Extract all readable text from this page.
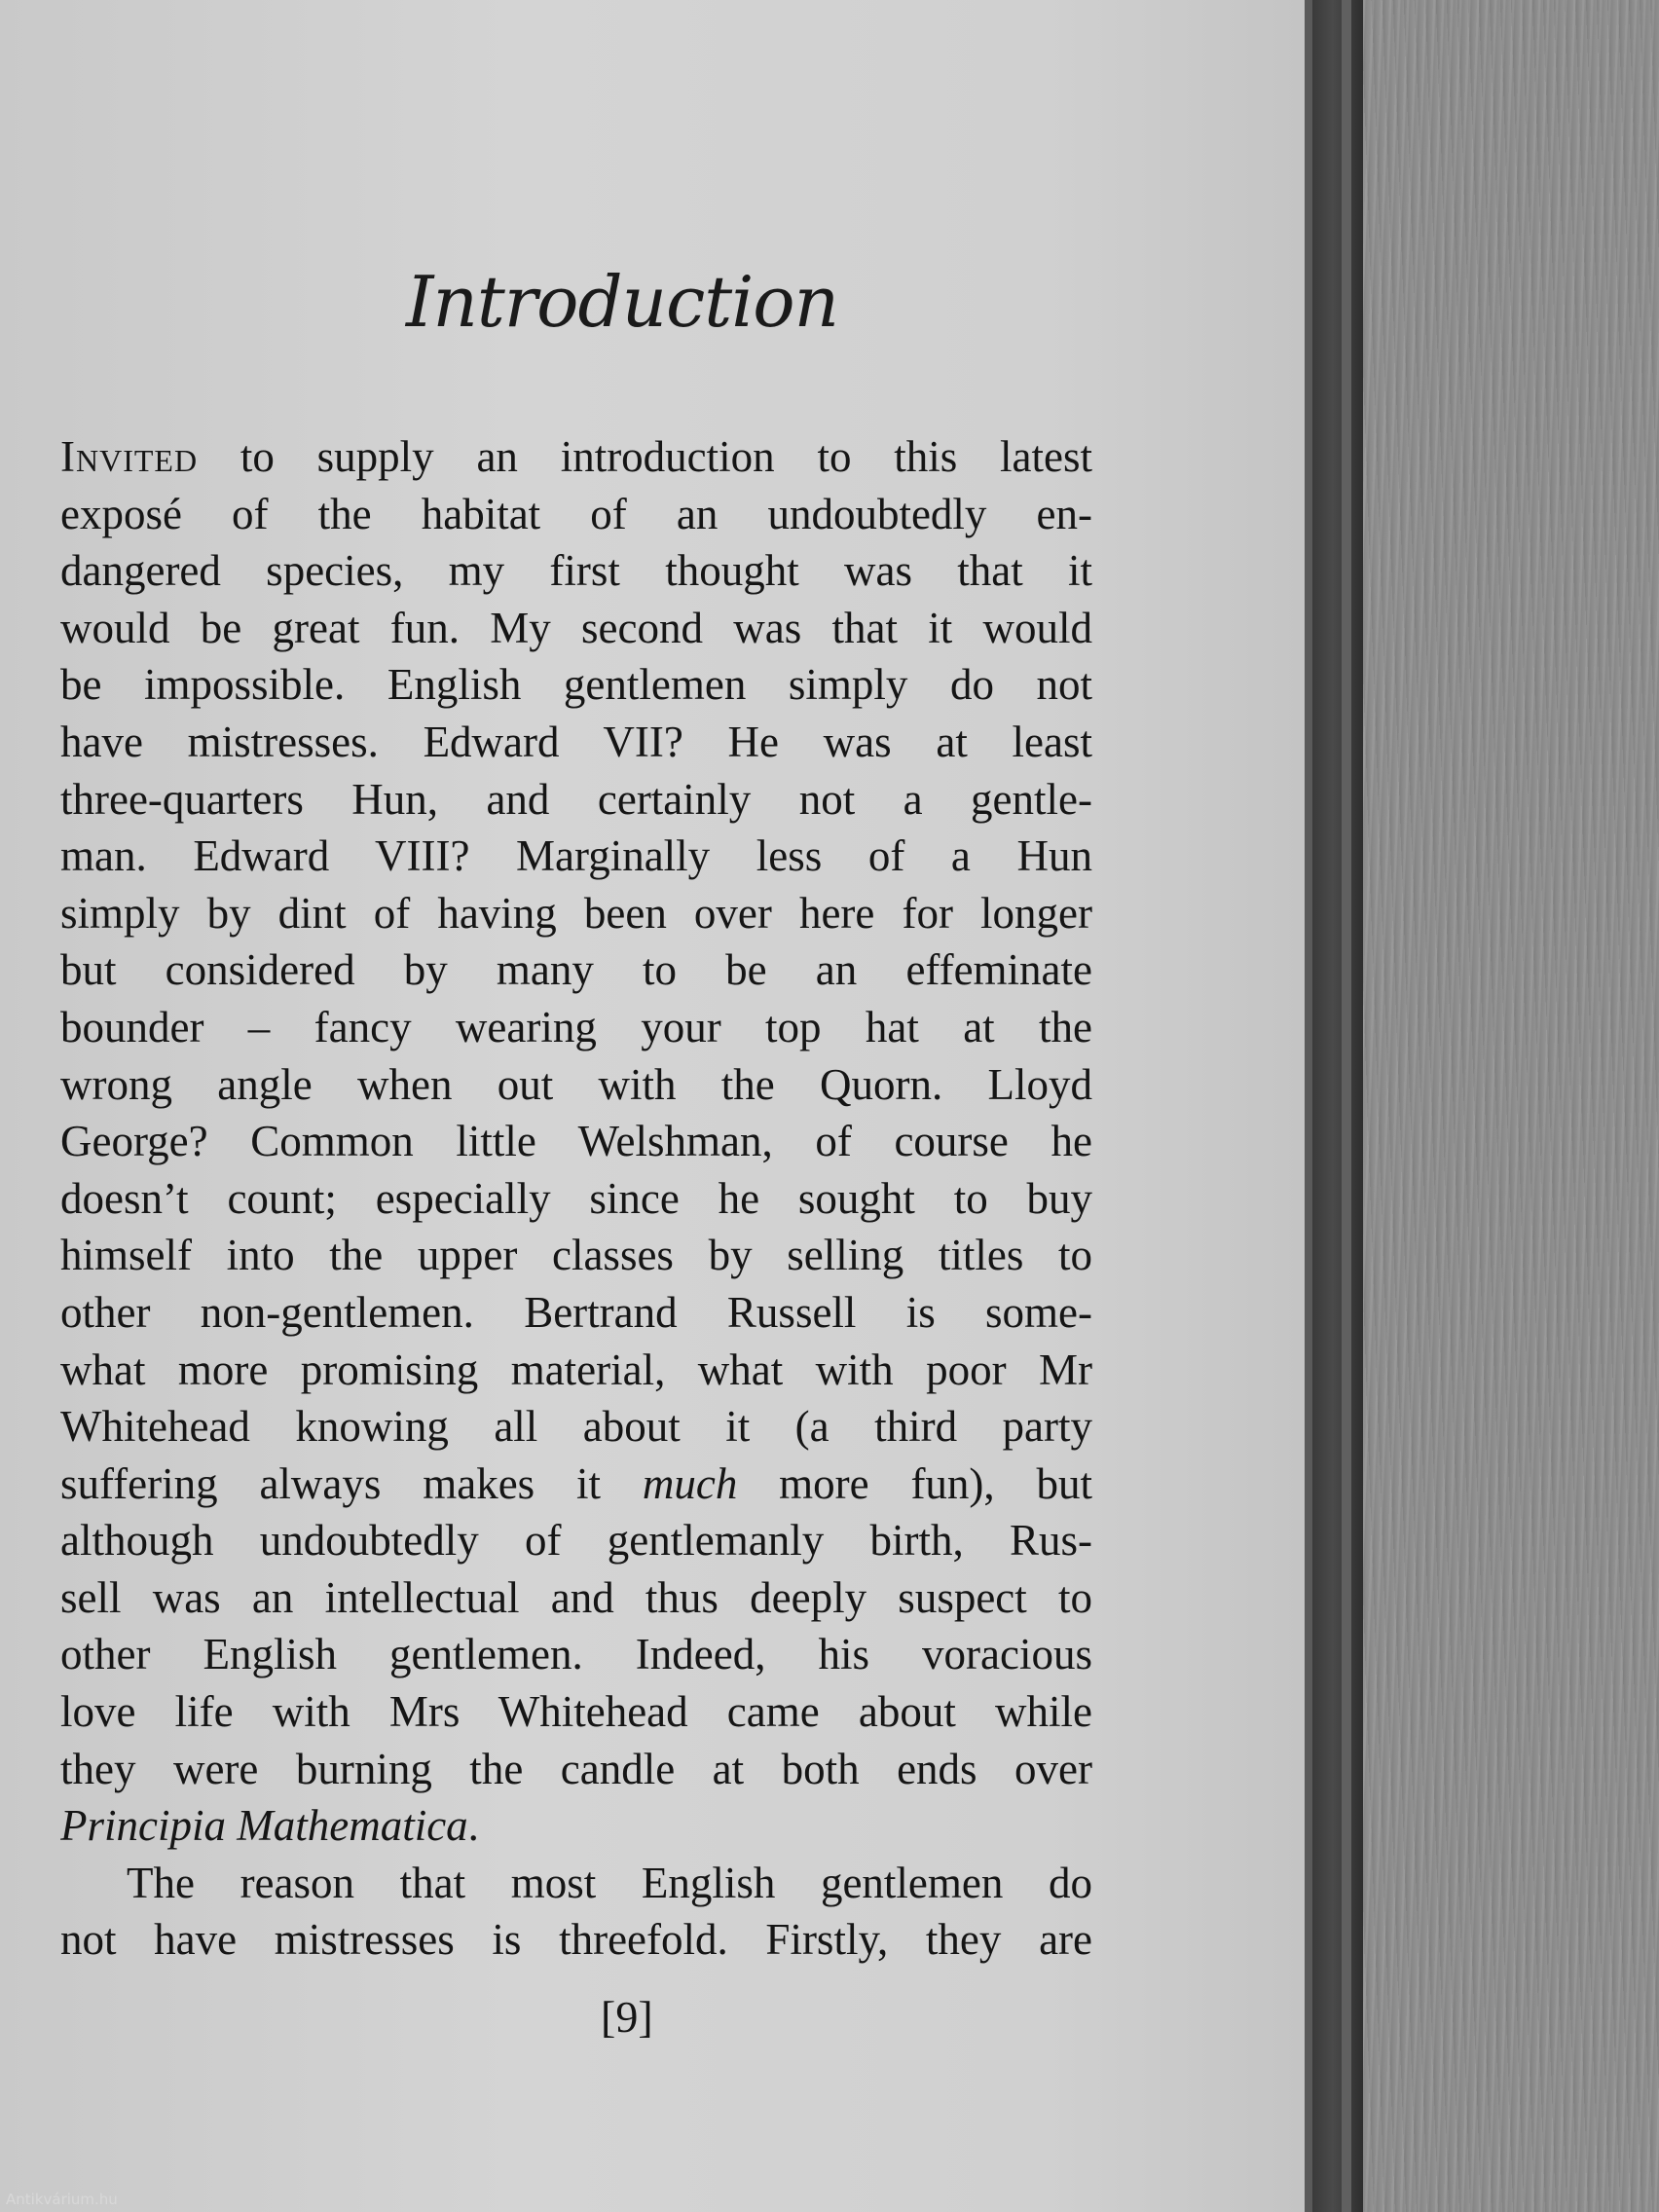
Introduction
Invited to supply an introduction to this latest
exposé of the habitat of an undoubtedly en-
dangered species, my first thought was that it
would be great fun. My second was that it would
be impossible. English gentlemen simply do not
have mistresses. Edward VII? He was at least
three-quarters Hun, and certainly not a gentle-
man. Edward VIII? Marginally less of a Hun
simply by dint of having been over here for longer
but considered by many to be an effeminate
bounder – fancy wearing your top hat at the
wrong angle when out with the Quorn. Lloyd
George? Common little Welshman, of course he
doesn’t count; especially since he sought to buy
himself into the upper classes by selling titles to
other non-gentlemen. Bertrand Russell is some-
what more promising material, what with poor Mr
Whitehead knowing all about it (a third party
suffering always makes it much more fun), but
although undoubtedly of gentlemanly birth, Rus-
sell was an intellectual and thus deeply suspect to
other English gentlemen. Indeed, his voracious
love life with Mrs Whitehead came about while
they were burning the candle at both ends over
Principia Mathematica.
The reason that most English gentlemen do
not have mistresses is threefold. Firstly, they are
[9]
Antikvárium.hu
